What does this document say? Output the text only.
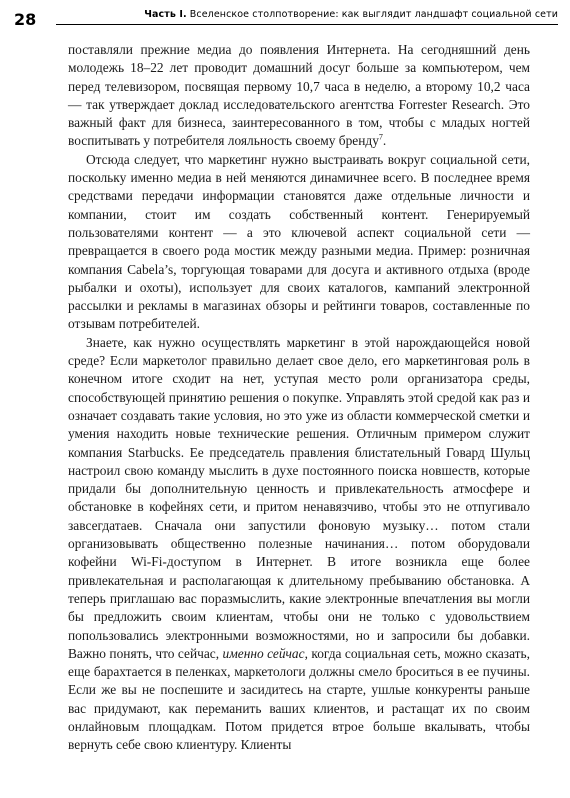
28	Часть I. Вселенское столпотворение: как выглядит ландшафт социальной сети

поставляли прежние медиа до появления Интернета. На сегодняшний день молодежь 18–22 лет проводит домашний досуг больше за компьютером, чем перед телевизором, посвящая первому 10,7 часа в неделю, а второму 10,2 часа — так утверждает доклад исследовательского агентства Forrester Research. Это важный факт для бизнеса, заинтересованного в том, чтобы с младых ногтей воспитывать у потребителя лояльность своему бренду$^7$.

Отсюда следует, что маркетинг нужно выстраивать вокруг социальной сети, поскольку именно медиа в ней меняются динамичнее всего. В последнее время средствами передачи информации становятся даже отдельные личности и компании, стоит им создать собственный контент. Генерируемый пользователями контент — а это ключевой аспект социальной сети — превращается в своего рода мостик между разными медиа. Пример: розничная компания Cabela’s, торгующая товарами для досуга и активного отдыха (вроде рыбалки и охоты), использует для своих каталогов, кампаний электронной рассылки и рекламы в магазинах обзоры и рейтинги товаров, составленные по отзывам потребителей.

Знаете, как нужно осуществлять маркетинг в этой нарождающейся новой среде? Если маркетолог правильно делает свое дело, его маркетинговая роль в конечном итоге сходит на нет, уступая место роли организатора среды, способствующей принятию решения о покупке. Управлять этой средой как раз и означает создавать такие условия, но это уже из области коммерческой сметки и умения находить новые технические решения. Отличным примером служит компания Starbucks. Ее председатель правления блистательный Говард Шульц настроил свою команду мыслить в духе постоянного поиска новшеств, которые придали бы дополнительную ценность и привлекательность атмосфере и обстановке в кофейнях сети, и притом ненавязчиво, чтобы это не отпугивало завсегдатаев. Сначала они запустили фоновую музыку… потом стали организовывать общественно полезные начинания… потом оборудовали кофейни Wi-Fi-доступом в Интернет. В итоге возникла еще более привлекательная и располагающая к длительному пребыванию обстановка. А теперь приглашаю вас поразмыслить, какие электронные впечатления вы могли бы предложить своим клиентам, чтобы они не только с удовольствием попользовались электронными возможностями, но и запросили бы добавки. Важно понять, что сейчас, именно сейчас, когда социальная сеть, можно сказать, еще барахтается в пеленках, маркетологи должны смело броситься в ее пучины. Если же вы не поспешите и засидитесь на старте, ушлые конкуренты раньше вас придумают, как переманить ваших клиентов, и растащат их по своим онлайновым площадкам. Потом придется втрое больше вкалывать, чтобы вернуть себе свою клиентуру. Клиенты
